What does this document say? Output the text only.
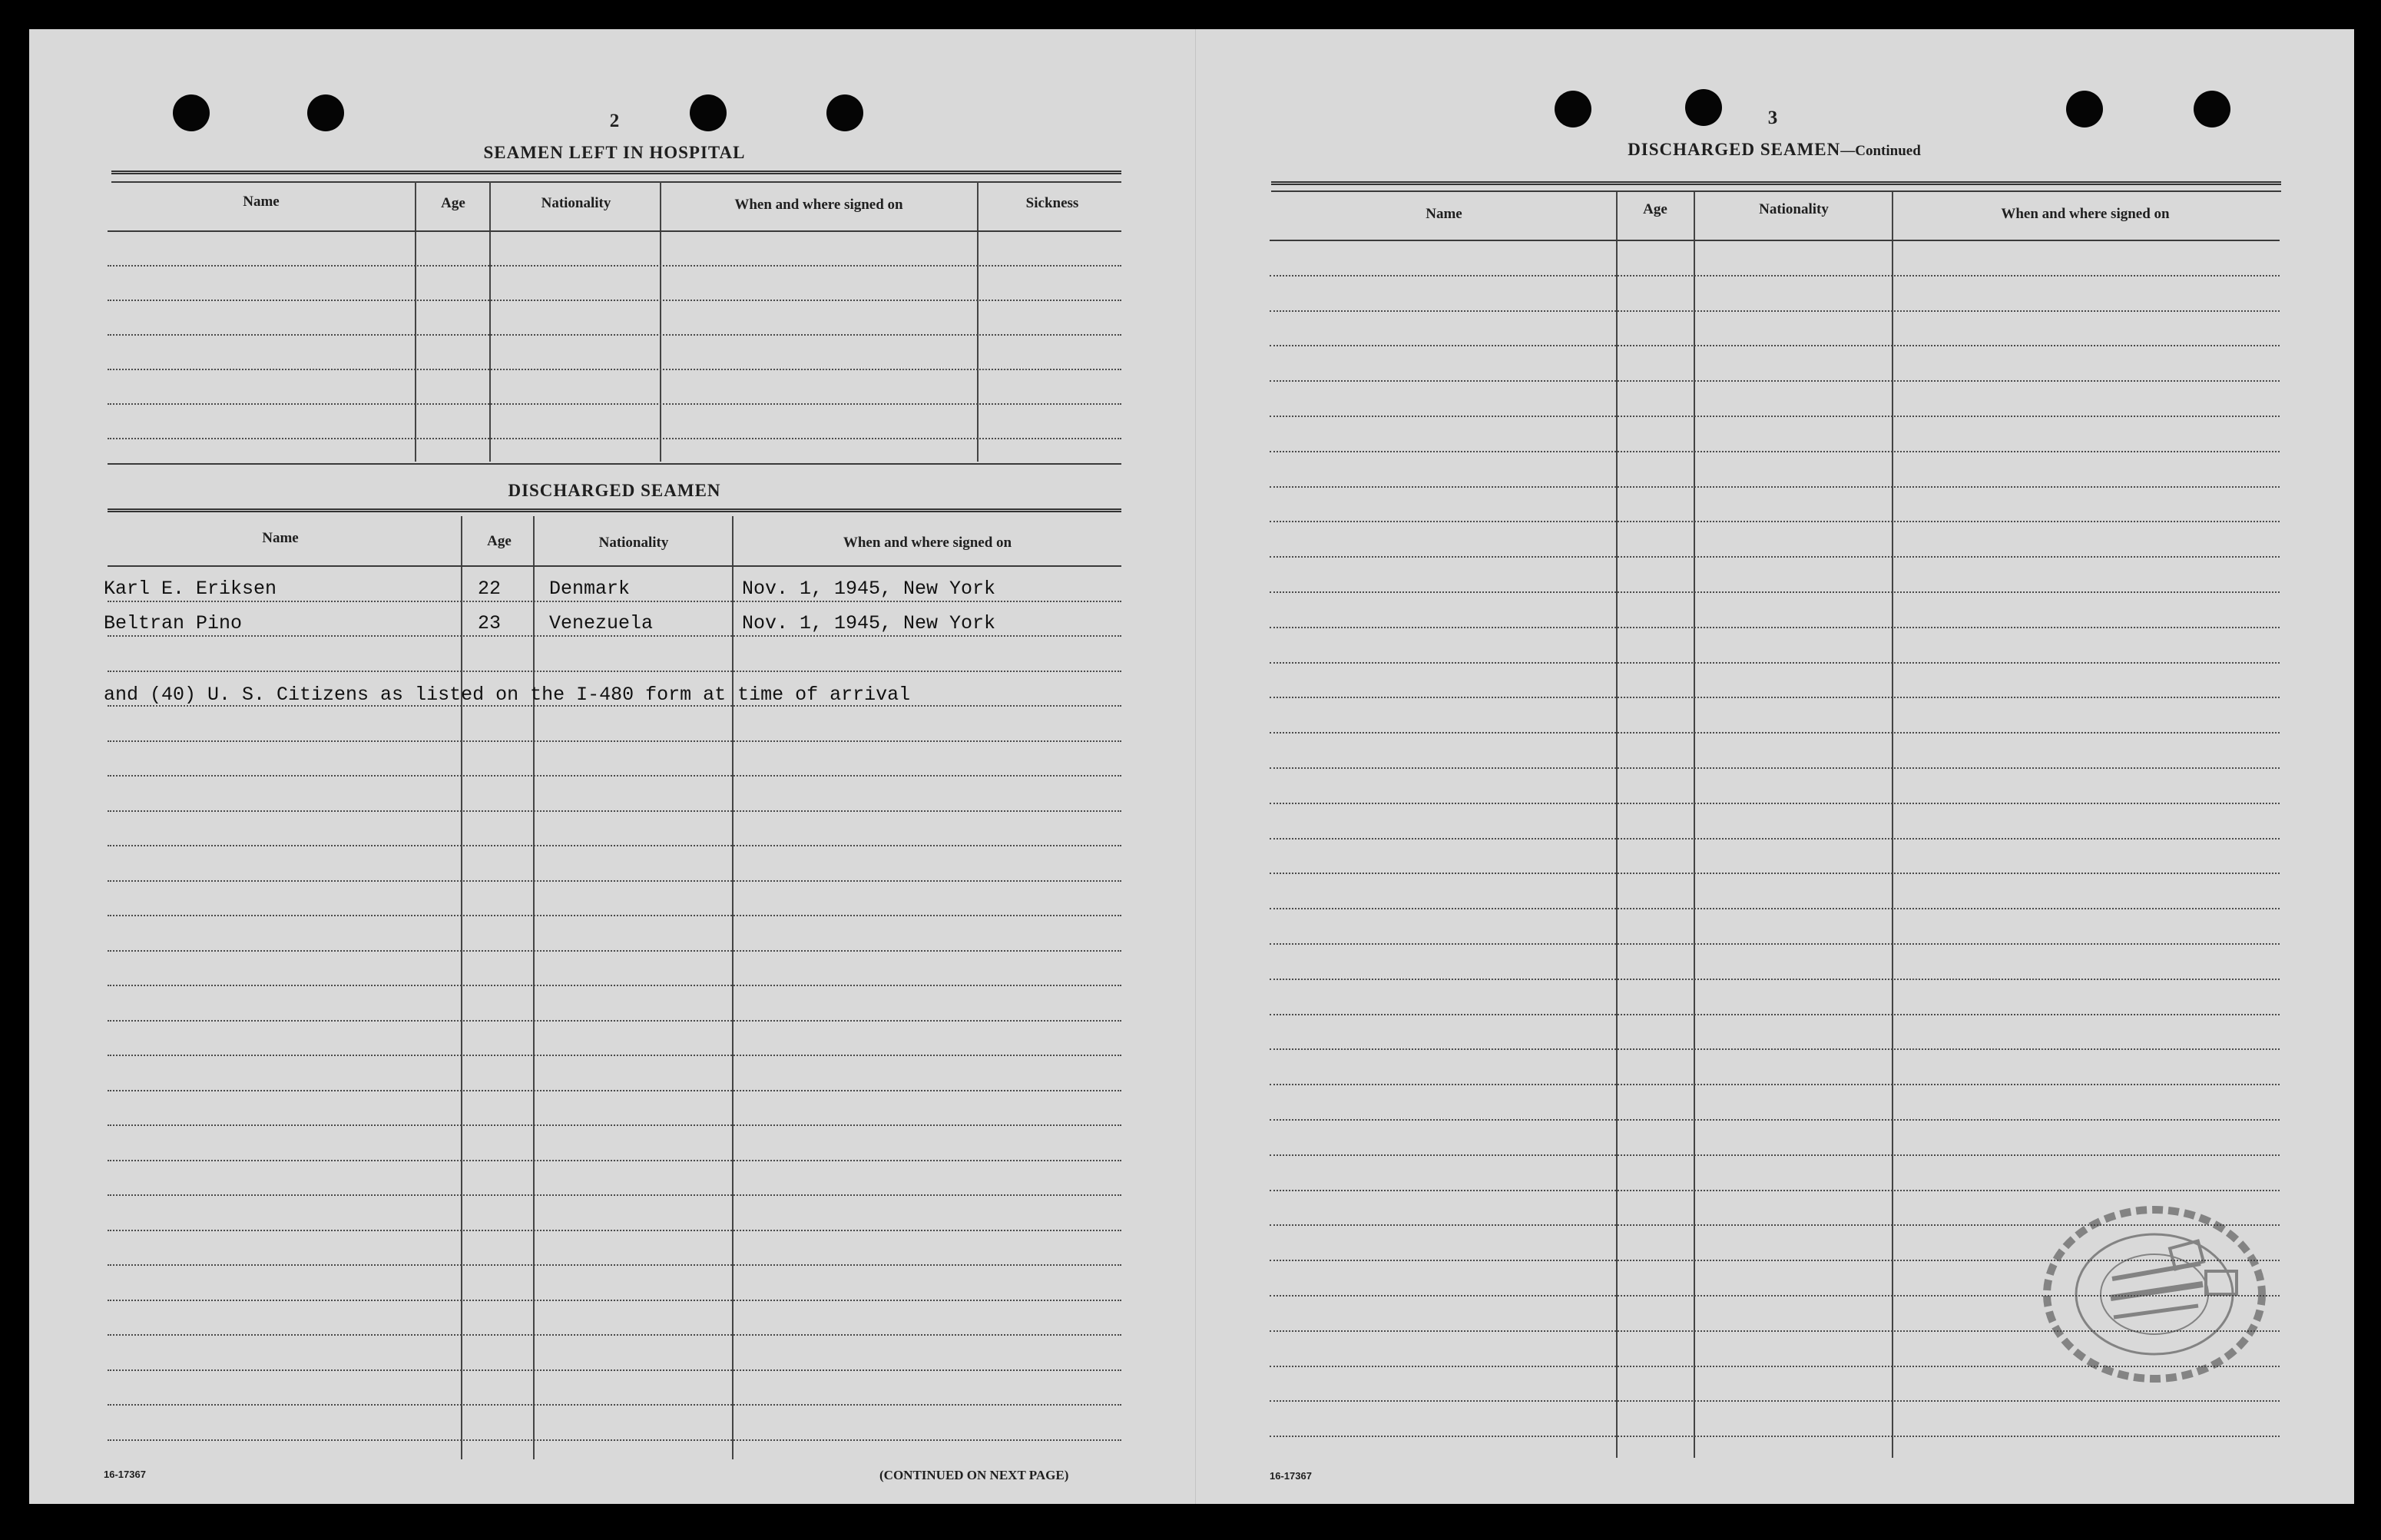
2
SEAMEN LEFT IN HOSPITAL
Name	Age	Nationality	When and where signed on	Sickness
DISCHARGED SEAMEN
Name	Age	Nationality	When and where signed on
Karl E. Eriksen	22	Denmark	Nov. 1, 1945, New York
Beltran Pino	23	Venezuela	Nov. 1, 1945, New York
and (40) U. S. Citizens as listed on the I-480 form at time of arrival
16-17367	(CONTINUED ON NEXT PAGE)
3
DISCHARGED SEAMEN—Continued
Name	Age	Nationality	When and where signed on
16-17367
